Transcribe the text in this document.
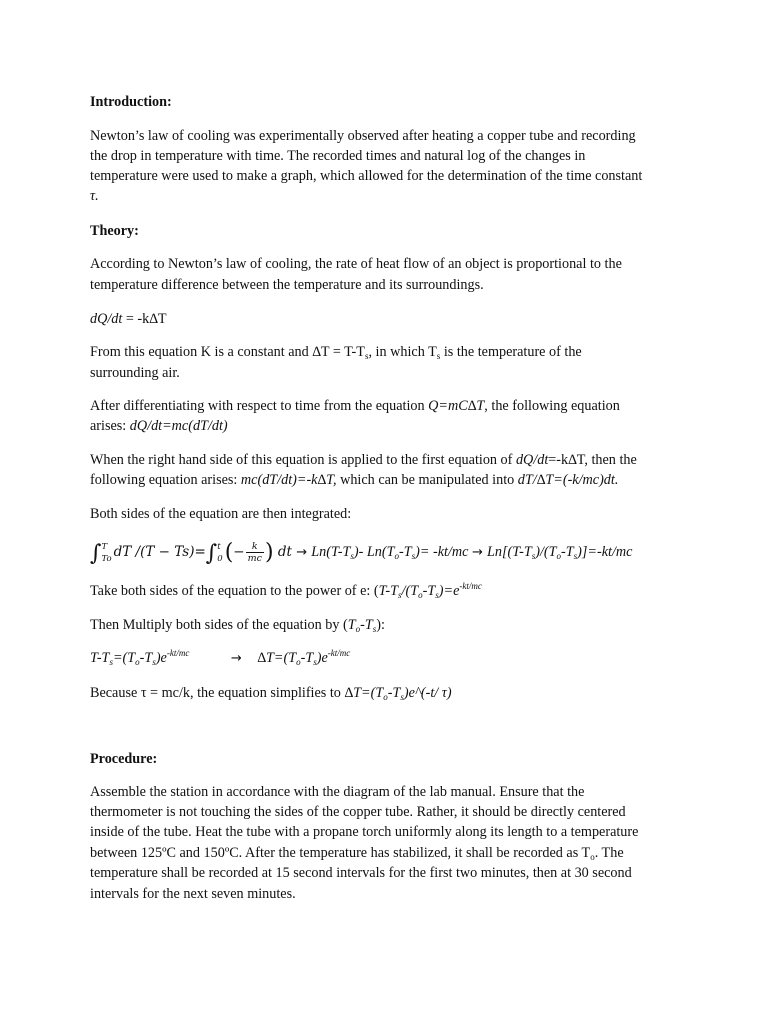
Introduction:
Newton’s law of cooling was experimentally observed after heating a copper tube and recording
the drop in temperature with time. The recorded times and natural log of the changes in
temperature were used to make a graph, which allowed for the determination of the time constant
τ.
Theory:
According to Newton’s law of cooling, the rate of heat flow of an object is proportional to the
temperature difference between the temperature and its surroundings.
dQ/dt = -k∆T
From this equation K is a constant and $\Delta T = T-T_s$, in which $T_s$ is the temperature of the
surrounding air.
After differentiating with respect to time from the equation Q=mC∆T, the following equation
arises: dQ/dt=mc(dT/dt)
When the right hand side of this equation is applied to the first equation of dQ/dt=-k∆T, then the
following equation arises: mc(dT/dt)=-k∆T, which can be manipulated into dT/∆T=(-k/mc)dt.
Both sides of the equation are then integrated:
∫ T
To dT /(T − Ts)=∫ t
0 (− $\frac{k}{mc}$ ) dt → $Ln(T-T_s)-$ $Ln(T_o-T_s)= -kt/mc \to Ln[(T-T_s)/(T_o-T_s)]=-kt/mc$
Take both sides of the equation to the power of e: ($T-T_s/(T_o-T_s)=e^{-kt/mc}$
Then Multiply both sides of the equation by $(T_o-T_s)$:
$T-T_s=(T_o-T_s)e^{-kt/mc}$	→ $\Delta T=(T_o-T_s)e^{-kt/mc}$
Because τ = mc/k, the equation simplifies to $\Delta T=(T_o-T_s)e\^{}(-t/$ τ)
Procedure:
Assemble the station in accordance with the diagram of the lab manual. Ensure that the
thermometer is not touching the sides of the copper tube. Rather, it should be directly centered
inside of the tube. Heat the tube with a propane torch uniformly along its length to a temperature
between 125ºC and 150ºC. After the temperature has stabilized, it shall be recorded as $T_o$. The
temperature shall be recorded at 15 second intervals for the first two minutes, then at 30 second
intervals for the next seven minutes.
